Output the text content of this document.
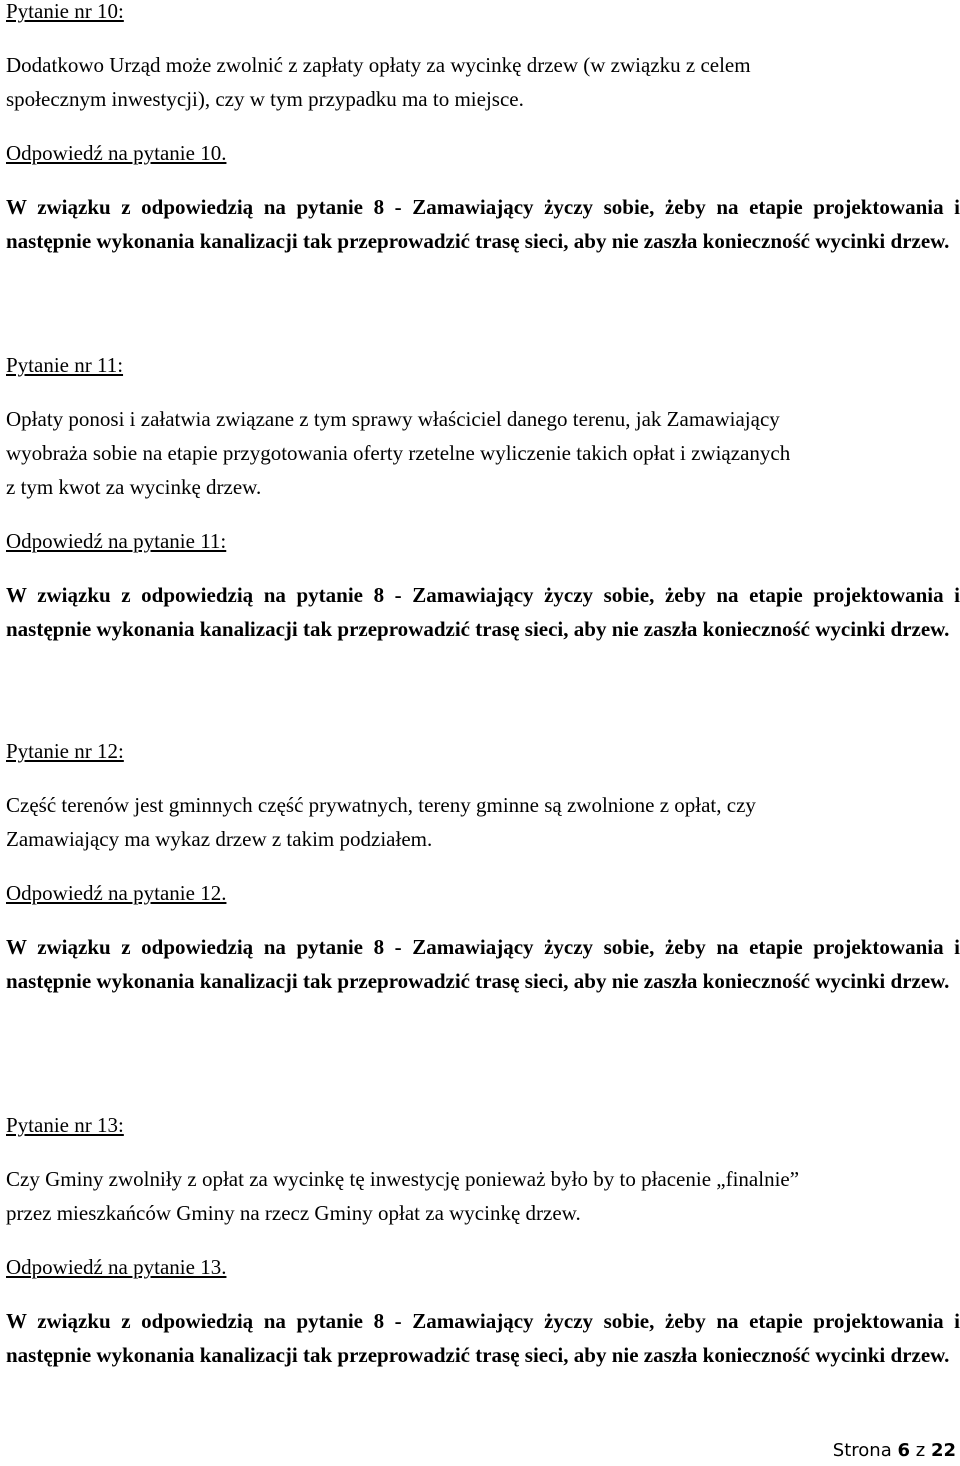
Pytanie nr 10:

Dodatkowo Urząd może zwolnić z zapłaty opłaty za wycinkę drzew (w związku z celem

społecznym inwestycji), czy w tym przypadku ma to miejsce.

Odpowiedź na pytanie 10.

W związku z odpowiedzią na pytanie 8 - Zamawiający życzy sobie, żeby na etapie projektowania i następnie wykonania kanalizacji tak przeprowadzić trasę sieci, aby nie zaszła konieczność wycinki drzew.

Pytanie nr 11:

Opłaty ponosi i załatwia związane z tym sprawy właściciel danego terenu, jak Zamawiający

wyobraża sobie na etapie przygotowania oferty rzetelne wyliczenie takich opłat i związanych

z tym kwot za wycinkę drzew.

Odpowiedź na pytanie 11:

W związku z odpowiedzią na pytanie 8 - Zamawiający życzy sobie, żeby na etapie projektowania i następnie wykonania kanalizacji tak przeprowadzić trasę sieci, aby nie zaszła konieczność wycinki drzew.

Pytanie nr 12:

Część terenów jest gminnych część prywatnych, tereny gminne są zwolnione z opłat, czy

Zamawiający ma wykaz drzew z takim podziałem.

Odpowiedź na pytanie 12.

W związku z odpowiedzią na pytanie 8 - Zamawiający życzy sobie, żeby na etapie projektowania i następnie wykonania kanalizacji tak przeprowadzić trasę sieci, aby nie zaszła konieczność wycinki drzew.

Pytanie nr 13:

Czy Gminy zwolniły z opłat za wycinkę tę inwestycję ponieważ było by to płacenie „finalnie”

przez mieszkańców Gminy na rzecz Gminy opłat za wycinkę drzew.

Odpowiedź na pytanie 13.

W związku z odpowiedzią na pytanie 8 - Zamawiający życzy sobie, żeby na etapie projektowania i następnie wykonania kanalizacji tak przeprowadzić trasę sieci, aby nie zaszła konieczność wycinki drzew.

Strona 6 z 22
